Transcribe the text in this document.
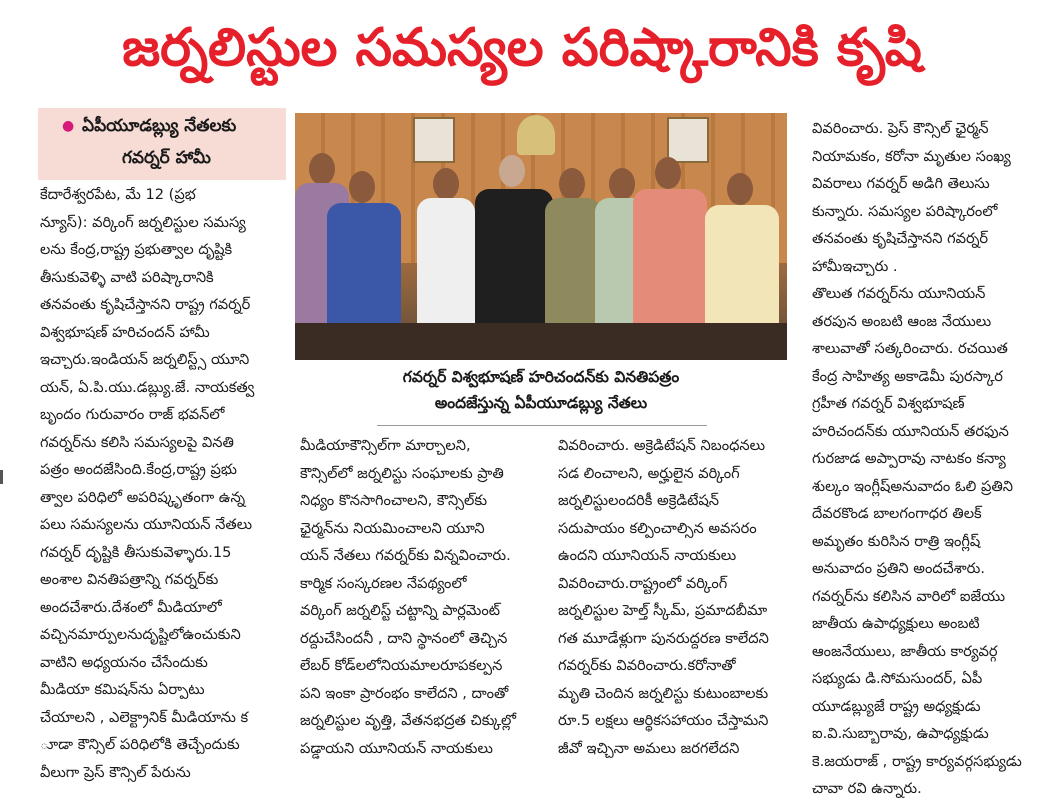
జర్నలిస్టుల సమస్యల పరిష్కారానికి కృషి
● ఏపీయూడబ్ల్యు నేతలకు
గవర్నర్ హామీ
కేదారేశ్వరపేట, మే 12 (ప్రభ
న్యూస్): వర్కింగ్ జర్నలిస్టుల సమస్య
లను కేంద్ర,రాష్ట్ర ప్రభుత్వాల దృష్టికి
తీసుకువెళ్ళి వాటి పరిష్కారానికి
తనవంతు కృషిచేస్తానని రాష్ట్ర గవర్నర్
విశ్వభూషణ్ హరిచందన్ హామీ
ఇచ్చారు.ఇండియన్ జర్నలిస్ట్స్ యూని
యన్, ఏ.పి.యు.డబ్ల్యు.జే. నాయకత్వ
బృందం గురువారం రాజ్ భవన్‌లో
గవర్నర్‌ను కలిసి సమస్యలపై వినతి
పత్రం అందజేసింది.కేంద్ర,రాష్ట్ర ప్రభు
త్వాల పరిధిలో అపరిష్కృతంగా ఉన్న
పలు సమస్యలను యూనియన్ నేతలు
గవర్నర్ దృష్టికి తీసుకువెళ్ళారు.15
అంశాల వినతిపత్రాన్ని గవర్నర్‌కు
అందచేశారు.దేశంలో మీడియాలో
వచ్చినమార్పులనుదృష్టిలోఉంచుకుని
వాటిని అధ్యయనం చేసేందుకు
మీడియా కమిషన్‌ను ఏర్పాటు
చేయాలని , ఎలెక్ట్రానిక్ మీడియాను క
ూడా కౌన్సిల్ పరిధిలోకి తెచ్చేందుకు
వీలుగా ప్రెస్ కౌన్సిల్ పేరును
గవర్నర్ విశ్వభూషణ్ హరిచందన్‌కు వినతిపత్రం
అందజేస్తున్న ఏపీయూడబ్ల్యు నేతలు
మీడియాకౌన్సిల్‌గా మార్చాలని,
కౌన్సిల్‌లో జర్నలిస్టు సంఘాలకు ప్రాతి
నిధ్యం కొనసాగించాలని, కౌన్సిల్‌కు
ఛైర్మన్‌ను నియమించాలని యూని
యన్ నేతలు గవర్నర్‌కు విన్నవించారు.
కార్మిక సంస్కరణల నేపథ్యంలో
వర్కింగ్ జర్నలిస్ట్ చట్టాన్ని పార్లమెంట్
రద్దుచేసిందనీ , దాని స్థానంలో తెచ్చిన
లేబర్ కోడ్‌లలోనియమాలరూపకల్పన
పని ఇంకా ప్రారంభం కాలేదని , దాంతో
జర్నలిస్టుల వృత్తి, వేతనభద్రత చిక్కుల్లో
పడ్డాయని యూనియన్ నాయకులు
వివరించారు. అక్రెడిటేషన్ నిబంధనలు
సడ లించాలని, అర్హులైన వర్కింగ్
జర్నలిస్టులందరికీ అక్రెడిటేషన్
సదుపాయం కల్పించాల్సిన అవసరం
ఉందని యూనియన్ నాయకులు
వివరించారు.రాష్ట్రంలో వర్కింగ్
జర్నలిస్టుల హెల్త్ స్కీమ్, ప్రమాదబీమా
గత మూడేళ్లుగా పునరుద్దరణ కాలేదని
గవర్నర్‌కు వివరించారు.కరోనాతో
మృతి చెందిన జర్నలిస్టు కుటుంబాలకు
రూ.5 లక్షలు ఆర్థికసహాయం చేస్తామని
జీవో ఇచ్చినా అమలు జరగలేదని
వివరించారు. ప్రెస్ కౌన్సిల్ ఛైర్మన్
నియామకం, కరోనా మృతుల సంఖ్య
వివరాలు గవర్నర్ అడిగి తెలుసు
కున్నారు. సమస్యల పరిష్కారంలో
తనవంతు కృషిచేస్తానని గవర్నర్
హామీఇచ్చారు .
తొలుత గవర్నర్‌ను యూనియన్
తరపున అంబటి ఆంజ నేయులు
శాలువాతో సత్కరించారు. రచయిత
కేంద్ర సాహిత్య అకాడెమీ పురస్కార
గ్రహీత గవర్నర్ విశ్వభూషణ్
హరిచందన్‌కు యూనియన్ తరఫున
గురజాడ అప్పారావు నాటకం కన్యా
శుల్కం ఇంగ్లీష్అనువాదం ఓలి ప్రతిని
దేవరకొండ బాలగంగాధర తిలక్
అమృతం కురిసిన రాత్రి ఇంగ్లీష్
అనువాదం ప్రతిని అందచేశారు.
గవర్నర్‌ను కలిసిన వారిలో ఐజేయు
జాతీయ ఉపాధ్యక్షులు అంబటి
ఆంజనేయులు, జాతీయ కార్యవర్గ
సభ్యుడు డి.సోమసుందర్, ఏపీ
యూడబ్ల్యుజే రాష్ట్ర అధ్యక్షుడు
ఐ.వి.సుబ్బారావు, ఉపాధ్యక్షుడు
కె.జయరాజ్ , రాష్ట్ర కార్యవర్గసభ్యుడు
చావా రవి ఉన్నారు.
